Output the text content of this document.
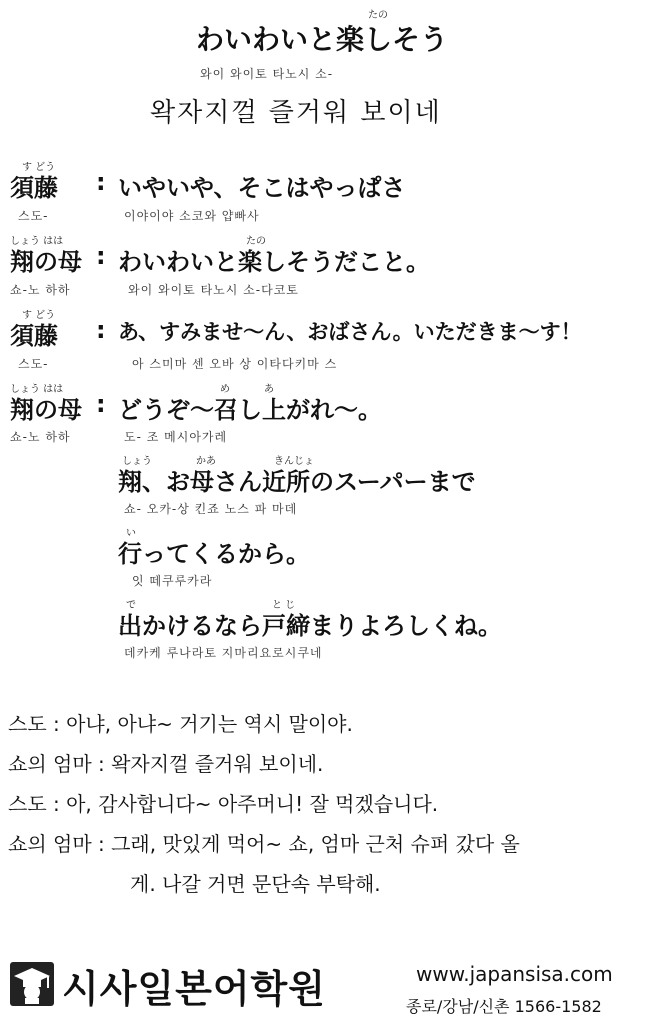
たの
わいわいと楽しそう
와이 와이토 타노시 소-
왁자지껄 즐거워 보이네
す どう
須藤 : いやいや、そこはやっぱさ
스도-	이야이야 소코와 얍빠사
しょう はは	たの
翔の母 : わいわいと楽しそうだこと。
쇼-노 하하	와이 와이토 타노시 소-다코토
す どう
須藤 : あ、すみませ～ん、おばさん。いただきま～す！
스도-	아 스미마 센 오바 상 이타다키마 스
しょう はは	め	あ
翔の母 : どうぞ～召し上がれ～。
쇼-노 하하	도- 조 메시아가레
しょう	かあ	きんじょ
翔、お母さん近所のスーパーまで
쇼- 오카-상 킨죠 노스 파 마데
い
行ってくるから。
잇 떼쿠루카라
で	と じ
出かけるなら戸締まりよろしくね。
데카케 루나라토 지마리요로시쿠네
스도 : 아냐, 아냐~ 거기는 역시 말이야.
쇼의 엄마 : 왁자지껄 즐거워 보이네.
스도 : 아, 감사합니다~ 아주머니! 잘 먹겠습니다.
쇼의 엄마 : 그래, 맛있게 먹어~ 쇼, 엄마 근처 슈퍼 갔다 올
게. 나갈 거면 문단속 부탁해.
시사일본어학원	www.japansisa.com
종로/강남/신촌 1566-1582
